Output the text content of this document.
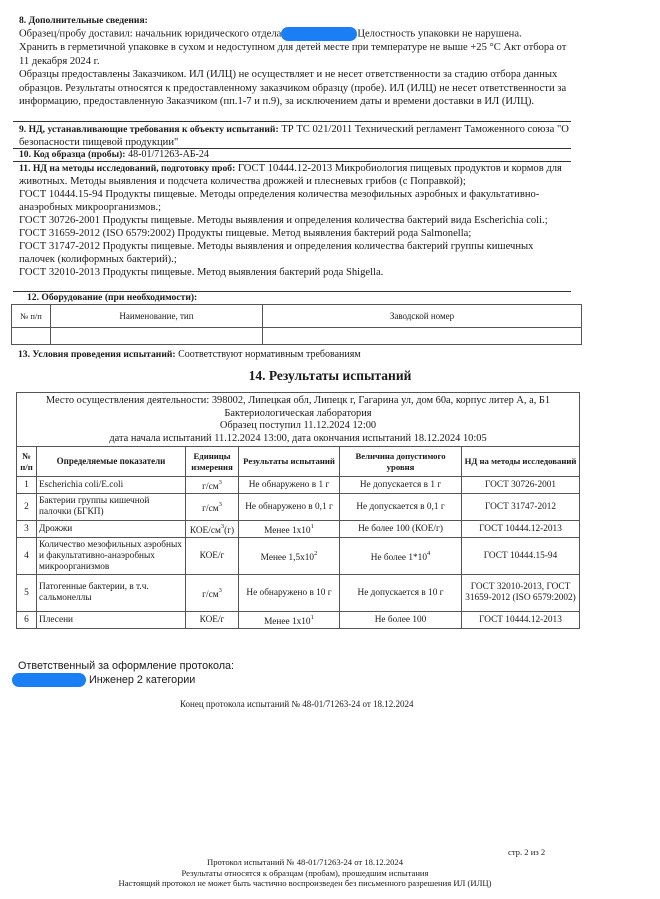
8. Дополнительные сведения:
Образец/пробу доставил: начальник юридического отдела	Целостность упаковки не нарушена.
Хранить в герметичной упаковке в сухом и недоступном для детей месте при температуре не выше +25 °С Акт отбора от 11 декабря 2024 г.
Образцы предоставлены Заказчиком. ИЛ (ИЛЦ) не осуществляет и не несет ответственности за стадию отбора данных образцов. Результаты относятся к предоставленному заказчиком образцу (пробе). ИЛ (ИЛЦ) не несет ответственности за информацию, предоставленную Заказчиком (пп.1-7 и п.9), за исключением даты и времени доставки в ИЛ (ИЛЦ).
9. НД, устанавливающие требования к объекту испытаний: ТР ТС 021/2011 Технический регламент Таможенного союза "О безопасности пищевой продукции"
10. Код образца (пробы): 48-01/71263-АБ-24
11. НД на методы исследований, подготовку проб: ГОСТ 10444.12-2013 Микробиология пищевых продуктов и кормов для животных. Методы выявления и подсчета количества дрожжей и плесневых грибов (с Поправкой);
ГОСТ 10444.15-94 Продукты пищевые. Методы определения количества мезофильных аэробных и факультативно-анаэробных микроорганизмов.;
ГОСТ 30726-2001 Продукты пищевые. Методы выявления и определения количества бактерий вида Escherichia coli.;
ГОСТ 31659-2012 (ISO 6579:2002) Продукты пищевые. Метод выявления бактерий рода Salmonella;
ГОСТ 31747-2012 Продукты пищевые. Методы выявления и определения количества бактерий группы кишечных палочек (колиформных бактерий).;
ГОСТ 32010-2013 Продукты пищевые. Метод выявления бактерий рода Shigella.
12. Оборудование (при необходимости):
№ п/п	Наименование, тип	Заводской номер

13. Условия проведения испытаний: Соответствуют нормативным требованиям
14. Результаты испытаний
Место осуществления деятельности: 398002, Липецкая обл, Липецк г, Гагарина ул, дом 60а, корпус литер А, а, Б1
Бактериологическая лаборатория
Образец поступил 11.12.2024 12:00
дата начала испытаний 11.12.2024 13:00, дата окончания испытаний 18.12.2024 10:05					

№ п/п	Определяемые показатели	Единицы измерения	Результаты испытаний	Величина допустимого уровня	НД на методы исследований
1	Escherichia coli/E.coli	$г/см^3$	Не обнаружено в 1 г	Не допускается в 1 г	ГОСТ 30726-2001
2	Бактерии группы кишечной палочки (БГКП)	$г/см^3$	Не обнаружено в 0,1 г	Не допускается в 0,1 г	ГОСТ 31747-2012
3	Дрожжи	КОЕ/$см^3(г)$	Менее $1х10^1$	Не более 100 (КОЕ/г)	ГОСТ 10444.12-2013
4	Количество мезофильных аэробных и факультативно-анаэробных микроорганизмов	КОЕ/г	Менее $1,5х10^2$	Не более $1*10^4$	ГОСТ 10444.15-94
5	Патогенные бактерии, в т.ч. сальмонеллы	$г/см^3$	Не обнаружено в 10 г	Не допускается в 10 г	ГОСТ 32010-2013, ГОСТ 31659-2012 (ISO 6579:2002)
6	Плесени	КОЕ/г	Менее $1х10^1$	Не более 100	ГОСТ 10444.12-2013
Ответственный за оформление протокола:
Инженер 2 категории
Конец протокола испытаний № 48-01/71263-24 от 18.12.2024
стр. 2 из 2
Протокол испытаний № 48-01/71263-24 от 18.12.2024
Результаты относятся к образцам (пробам), прошедшим испытания
Настоящий протокол не может быть частично воспроизведен без письменного разрешения ИЛ (ИЛЦ)
